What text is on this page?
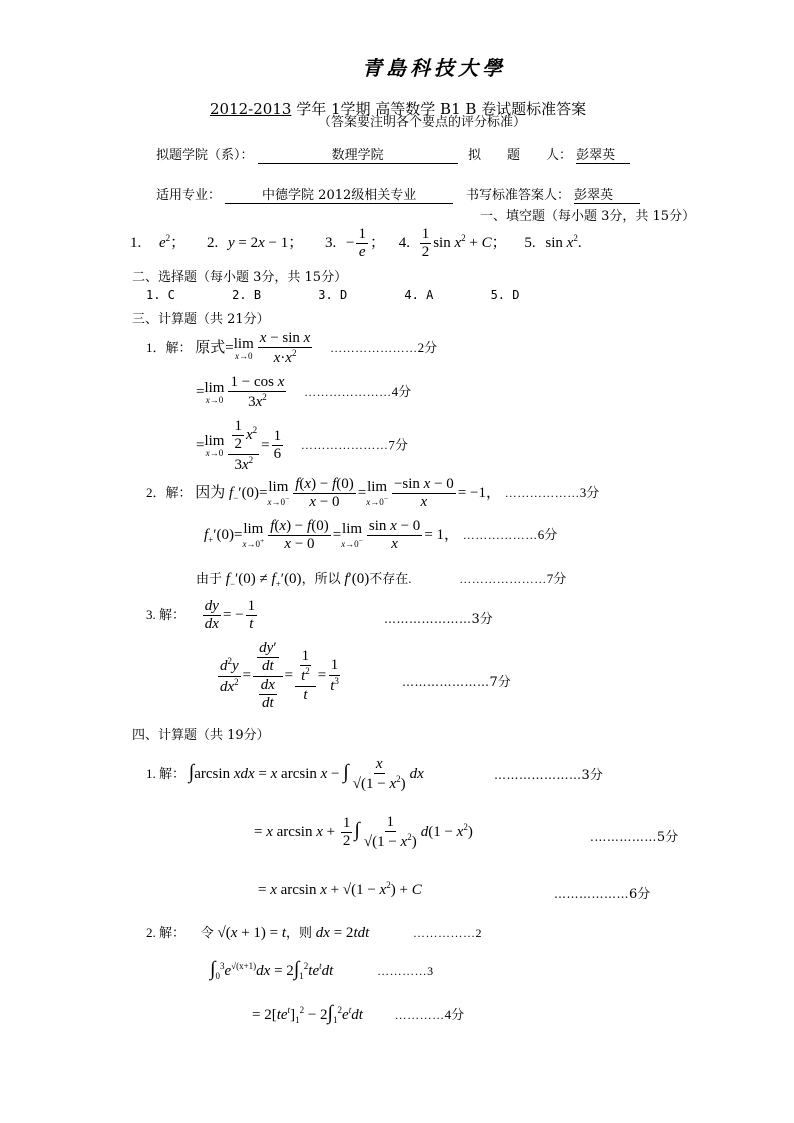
青島科技大學
2012-2013 学年 1学期 高等数学 B1 B 卷试题标准答案
（答案要注明各个要点的评分标准）
拟题学院（系）：	数理学院	拟　　题　　人： 彭翠英
适用专业：	中德学院 2012级相关专业	书写标准答案人： 彭翠英
一、填空题（每小题 3分，共 15分）
1. $e^2$； 2. y = 2x − 1； 3. − $\frac{1}{e}$ ； 4. $\frac{1}{2}$ $\sin x^2 + C$； 5. $\sin x^2$.
二、选择题（每小题 3分，共 15分）
1. C	2. B	3. D	4. A	5. D
三、计算题（共 21分）
1．解： 原式=lim
$x\to 0 \frac{\text{x − sin x}}{x\cdot x^2}$ …………………2分
=lim
$x\to 0 \frac{\text{1 − cos x}}{3x^2}$ …………………4分
=lim
$x\to 0 \frac{\frac{1}{2} x^2}{3x^2} = \frac{1}{6}$ …………………7分
2．解： 因为 $f_-'(0)=\lim$
$x\to 0^- \frac{f(x) - f(0)}{x - 0} =\lim$
$x\to 0^- \frac{\text{−sin x − 0}}{x} = -1$， ………………3分
$f_+'(0)=\lim$
$x\to 0^+ \frac{f(x) - f(0)}{x - 0} =\lim$
$x\to 0^- \frac{\text{sin x − 0}}{x} = 1$， ………………6分
由于 $f_-'(0) \ne f_+'(0)$，所以 f′(0)不存在.	…………………7分
3. 解： $\frac{dy}{dx}$ = − $\frac{1}{t}$	…………………3分
$\frac{d^2y}{dx^2} = \frac{\frac{dy'}{dt}}{\frac{dx}{dt}} = \frac{\frac{1}{t^2}}{t} = \frac{1}{t^3}$	…………………7分
四、计算题（共 19分）
1. 解： ∫arcsin xdx = x arcsin x − ∫ $\frac{x}{√(1 - x^2)}$ dx	…………………3分
= x $\arcsin x + \frac{1}{2}$ ∫ $\frac{1}{√(1 - x^2)} d(1 - x^2)$	.……………5分
= x $\arcsin x + √(1 - x^2) + C$	………………6分
2. 解： 令 √(x + 1) = t，则 dx = 2tdt	……………2
$\int_0^3e^{√(x+1)}dx = 2\int_1^2te^tdt$	…………3
= $2[te^t]_1^2 - 2\int_1^2e^tdt$	…………4分
